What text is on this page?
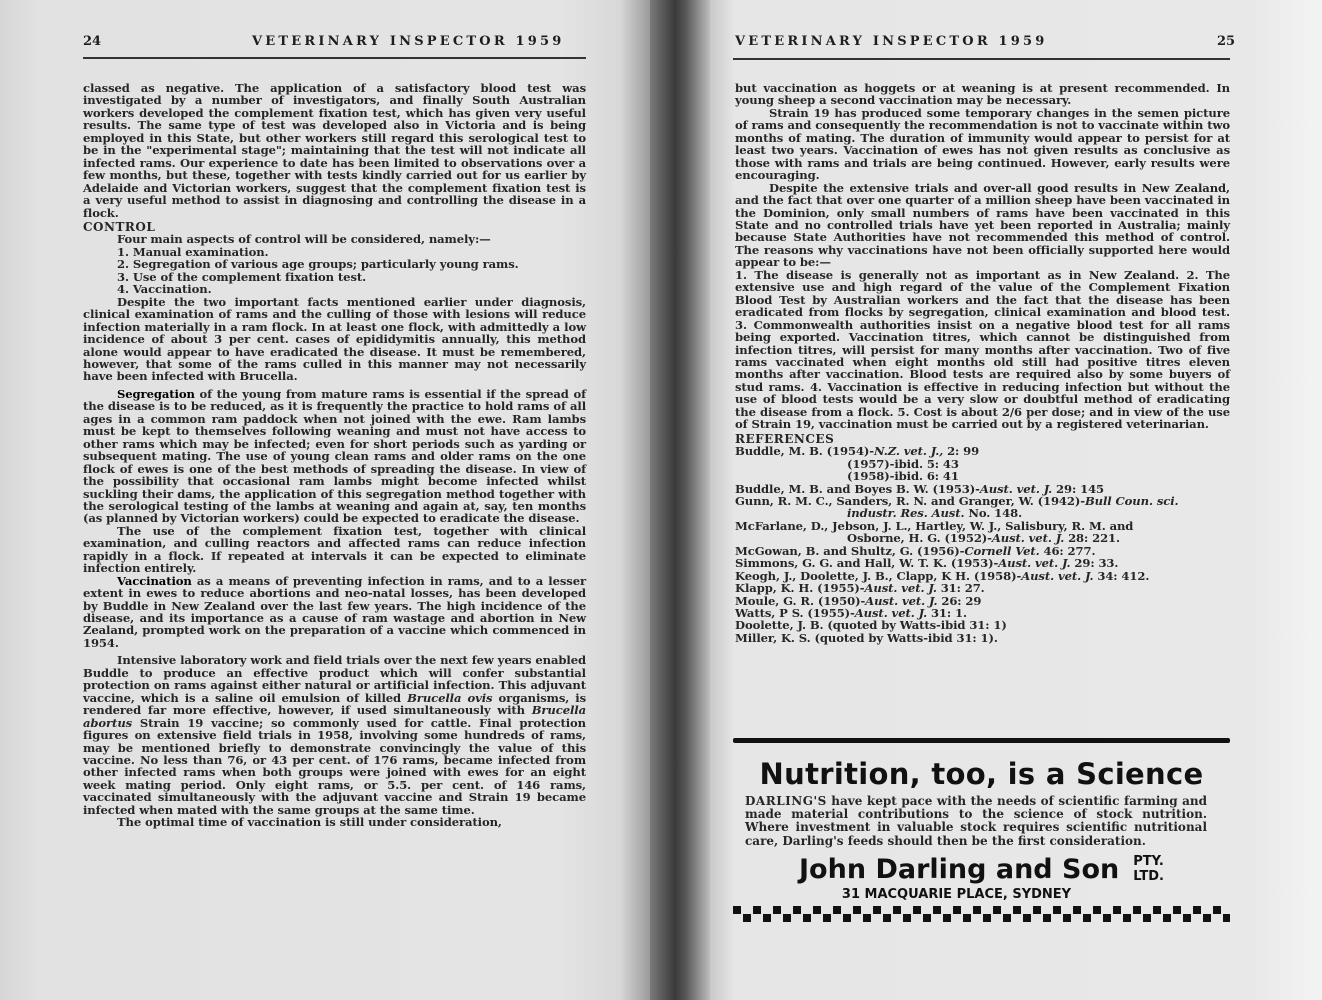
24	VETERINARY INSPECTOR 1959

classed as negative. The application of a satisfactory blood test was investigated by a number of investigators, and finally South Australian workers developed the complement fixation test, which has given very useful results. The same type of test was developed also in Victoria and is being employed in this State, but other workers still regard this serological test to be in the "experimental stage"; maintaining that the test will not indicate all infected rams. Our experience to date has been limited to observations over a few months, but these, together with tests kindly carried out for us earlier by Adelaide and Victorian workers, suggest that the complement fixation test is a very useful method to assist in diagnosing and controlling the disease in a flock.

CONTROL

Four main aspects of control will be considered, namely:—

1. Manual examination.
2. Segregation of various age groups; particularly young rams.
3. Use of the complement fixation test.
4. Vaccination.

Despite the two important facts mentioned earlier under diagnosis, clinical examination of rams and the culling of those with lesions will reduce infection materially in a ram flock. In at least one flock, with admittedly a low incidence of about 3 per cent. cases of epididymitis annually, this method alone would appear to have eradicated the disease. It must be remembered, however, that some of the rams culled in this manner may not necessarily have been infected with Brucella.

Segregation of the young from mature rams is essential if the spread of the disease is to be reduced, as it is frequently the practice to hold rams of all ages in a common ram paddock when not joined with the ewe. Ram lambs must be kept to themselves following weaning and must not have access to other rams which may be infected; even for short periods such as yarding or subsequent mating. The use of young clean rams and older rams on the one flock of ewes is one of the best methods of spreading the disease. In view of the possibility that occasional ram lambs might become infected whilst suckling their dams, the application of this segregation method together with the serological testing of the lambs at weaning and again at, say, ten months (as planned by Victorian workers) could be expected to eradicate the disease.

The use of the complement fixation test, together with clinical examination, and culling reactors and affected rams can reduce infection rapidly in a flock. If repeated at intervals it can be expected to eliminate infection entirely.

Vaccination as a means of preventing infection in rams, and to a lesser extent in ewes to reduce abortions and neo-natal losses, has been developed by Buddle in New Zealand over the last few years. The high incidence of the disease, and its importance as a cause of ram wastage and abortion in New Zealand, prompted work on the preparation of a vaccine which commenced in 1954.

Intensive laboratory work and field trials over the next few years enabled Buddle to produce an effective product which will confer substantial protection on rams against either natural or artificial infection. This adjuvant vaccine, which is a saline oil emulsion of killed Brucella ovis organisms, is rendered far more effective, however, if used simultaneously with Brucella abortus Strain 19 vaccine; so commonly used for cattle. Final protection figures on extensive field trials in 1958, involving some hundreds of rams, may be mentioned briefly to demonstrate convincingly the value of this vaccine. No less than 76, or 43 per cent. of 176 rams, became infected from other infected rams when both groups were joined with ewes for an eight week mating period. Only eight rams, or 5.5. per cent. of 146 rams, vaccinated simultaneously with the adjuvant vaccine and Strain 19 became infected when mated with the same groups at the same time.

The optimal time of vaccination is still under consideration,

VETERINARY INSPECTOR 1959	25

but vaccination as hoggets or at weaning is at present recommended. In young sheep a second vaccination may be necessary.

Strain 19 has produced some temporary changes in the semen picture of rams and consequently the recommendation is not to vaccinate within two months of mating. The duration of immunity would appear to persist for at least two years. Vaccination of ewes has not given results as conclusive as those with rams and trials are being continued. However, early results were encouraging.

Despite the extensive trials and over-all good results in New Zealand, and the fact that over one quarter of a million sheep have been vaccinated in the Dominion, only small numbers of rams have been vaccinated in this State and no controlled trials have yet been reported in Australia; mainly because State Authorities have not recommended this method of control. The reasons why vaccinations have not been officially supported here would appear to be:—

1. The disease is generally not as important as in New Zealand. 2. The extensive use and high regard of the value of the Complement Fixation Blood Test by Australian workers and the fact that the disease has been eradicated from flocks by segregation, clinical examination and blood test. 3. Commonwealth authorities insist on a negative blood test for all rams being exported. Vaccination titres, which cannot be distinguished from infection titres, will persist for many months after vaccination. Two of five rams vaccinated when eight months old still had positive titres eleven months after vaccination. Blood tests are required also by some buyers of stud rams. 4. Vaccination is effective in reducing infection but without the use of blood tests would be a very slow or doubtful method of eradicating the disease from a flock. 5. Cost is about 2/6 per dose; and in view of the use of Strain 19, vaccination must be carried out by a registered veterinarian.

REFERENCES
Buddle, M. B. (1954)-N.Z. vet. J., 2: 99
(1957)-ibid. 5: 43
(1958)-ibid. 6: 41
Buddle, M. B. and Boyes B. W. (1953)-Aust. vet. J. 29: 145
Gunn, R. M. C., Sanders, R. N. and Granger, W. (1942)-Bull Coun. sci.
industr. Res. Aust. No. 148.
McFarlane, D., Jebson, J. L., Hartley, W. J., Salisbury, R. M. and
Osborne, H. G. (1952)-Aust. vet. J. 28: 221.
McGowan, B. and Shultz, G. (1956)-Cornell Vet. 46: 277.
Simmons, G. G. and Hall, W. T. K. (1953)-Aust. vet. J. 29: 33.
Keogh, J., Doolette, J. B., Clapp, K H. (1958)-Aust. vet. J. 34: 412.
Klapp, K. H. (1955)-Aust. vet. J. 31: 27.
Moule, G. R. (1950)-Aust. vet. J. 26: 29
Watts, P S. (1955)-Aust. vet. J. 31: 1.
Doolette, J. B. (quoted by Watts-ibid 31: 1)
Miller, K. S. (quoted by Watts-ibid 31: 1).
Nutrition, too, is a Science
DARLING'S have kept pace with the needs of scientific farming and made material contributions to the science of stock nutrition. Where investment in valuable stock requires scientific nutritional care, Darling's feeds should then be the first consideration.
John Darling and Son PTY.
LTD.
31 MACQUARIE PLACE, SYDNEY
